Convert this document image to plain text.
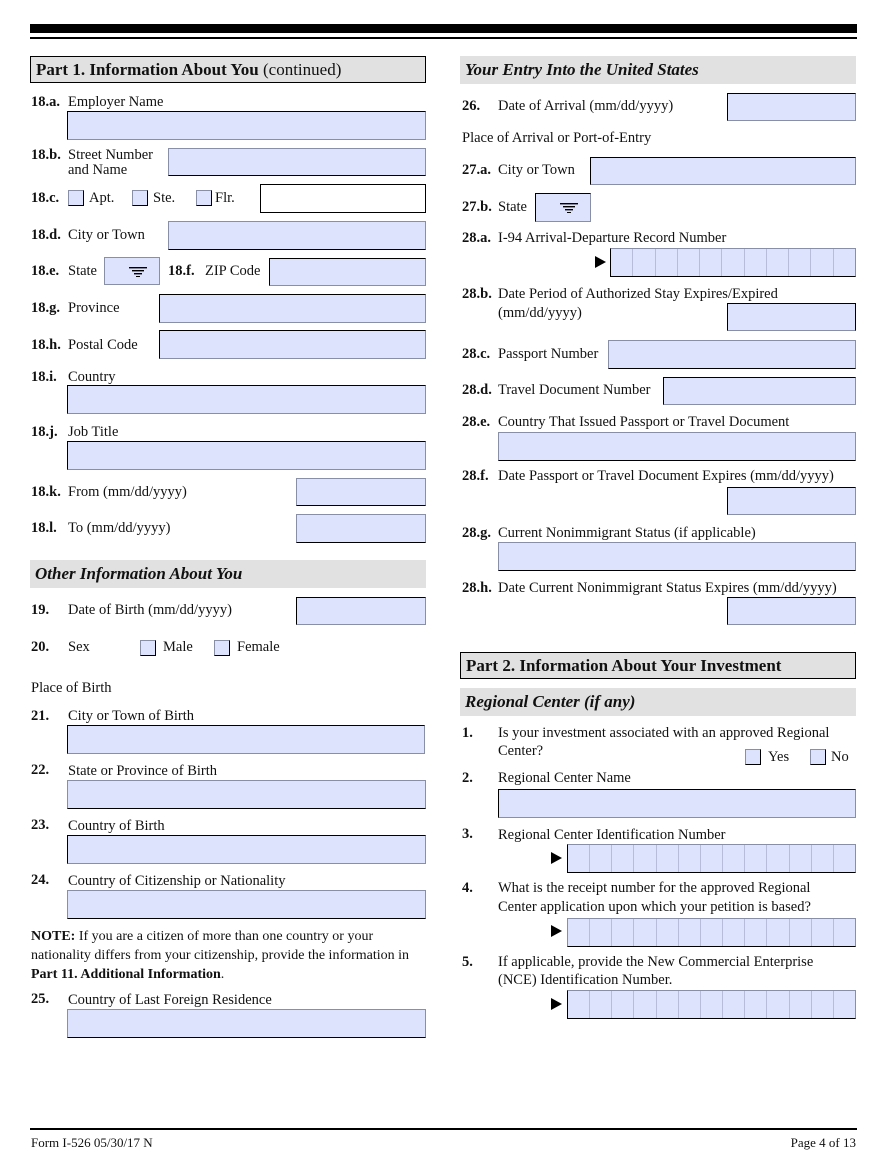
Part 1. Information About You (continued)
18.a. Employer Name
18.b. Street Number
and Name
18.c. Apt.	Ste.	Flr.
18.d. City or Town
18.e. State	18.f. ZIP Code
18.g. Province
18.h. Postal Code
18.i. Country
18.j. Job Title
18.k. From (mm/dd/yyyy)
18.l. To (mm/dd/yyyy)
Other Information About You
19. Date of Birth (mm/dd/yyyy)
20. Sex	Male	Female
Place of Birth
21. City or Town of Birth
22. State or Province of Birth
23. Country of Birth
24. Country of Citizenship or Nationality
NOTE: If you are a citizen of more than one country or your nationality differs from your citizenship, provide the information in Part 11. Additional Information.
25. Country of Last Foreign Residence
Your Entry Into the United States
26. Date of Arrival (mm/dd/yyyy)
Place of Arrival or Port-of-Entry
27.a. City or Town
27.b. State
28.a. I-94 Arrival-Departure Record Number
28.b. Date Period of Authorized Stay Expires/Expired
(mm/dd/yyyy)
28.c. Passport Number
28.d. Travel Document Number
28.e. Country That Issued Passport or Travel Document
28.f. Date Passport or Travel Document Expires (mm/dd/yyyy)
28.g. Current Nonimmigrant Status (if applicable)
28.h. Date Current Nonimmigrant Status Expires (mm/dd/yyyy)
Part 2. Information About Your Investment
Regional Center (if any)
1. Is your investment associated with an approved Regional
Center?	Yes	No
2. Regional Center Name
3. Regional Center Identification Number
4. What is the receipt number for the approved Regional
Center application upon which your petition is based?
5. If applicable, provide the New Commercial Enterprise
(NCE) Identification Number.
Form I-526 05/30/17 N	Page 4 of 13
